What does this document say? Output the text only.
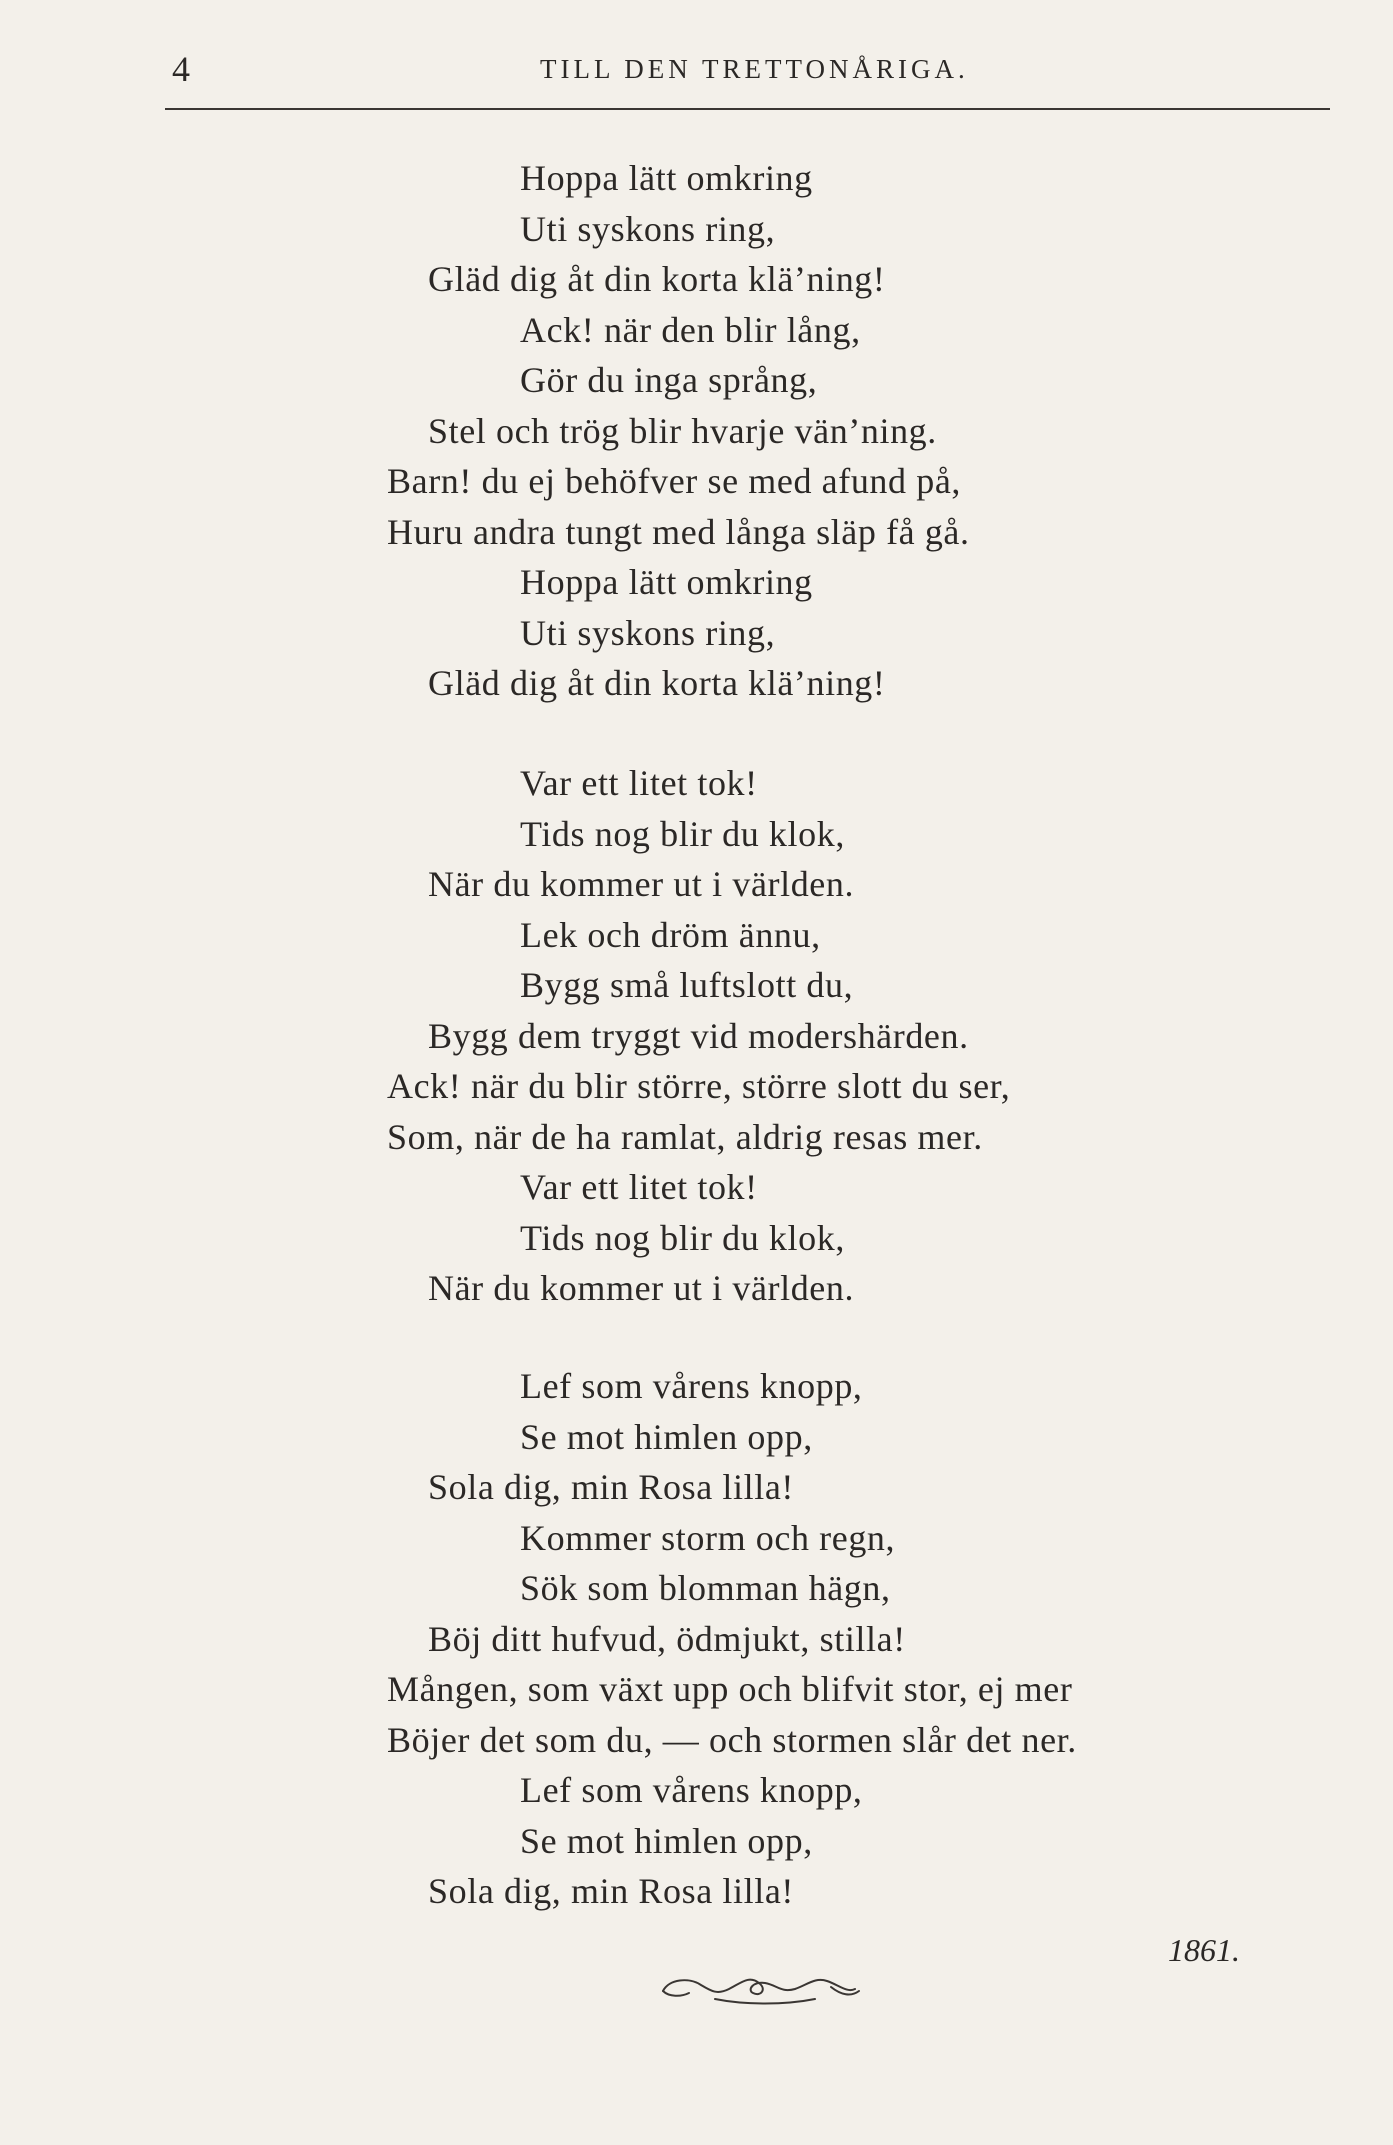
4	TILL DEN TRETTONÅRIGA.
Hoppa lätt omkring
Uti syskons ring,
Gläd dig åt din korta klä’ning!
Ack! när den blir lång,
Gör du inga språng,
Stel och trög blir hvarje vän’ning.
Barn! du ej behöfver se med afund på,
Huru andra tungt med långa släp få gå.
Hoppa lätt omkring
Uti syskons ring,
Gläd dig åt din korta klä’ning!
Var ett litet tok!
Tids nog blir du klok,
När du kommer ut i världen.
Lek och dröm ännu,
Bygg små luftslott du,
Bygg dem tryggt vid modershärden.
Ack! när du blir större, större slott du ser,
Som, när de ha ramlat, aldrig resas mer.
Var ett litet tok!
Tids nog blir du klok,
När du kommer ut i världen.
Lef som vårens knopp,
Se mot himlen opp,
Sola dig, min Rosa lilla!
Kommer storm och regn,
Sök som blomman hägn,
Böj ditt hufvud, ödmjukt, stilla!
Mången, som växt upp och blifvit stor, ej mer
Böjer det som du, — och stormen slår det ner.
Lef som vårens knopp,
Se mot himlen opp,
Sola dig, min Rosa lilla!
1861.
